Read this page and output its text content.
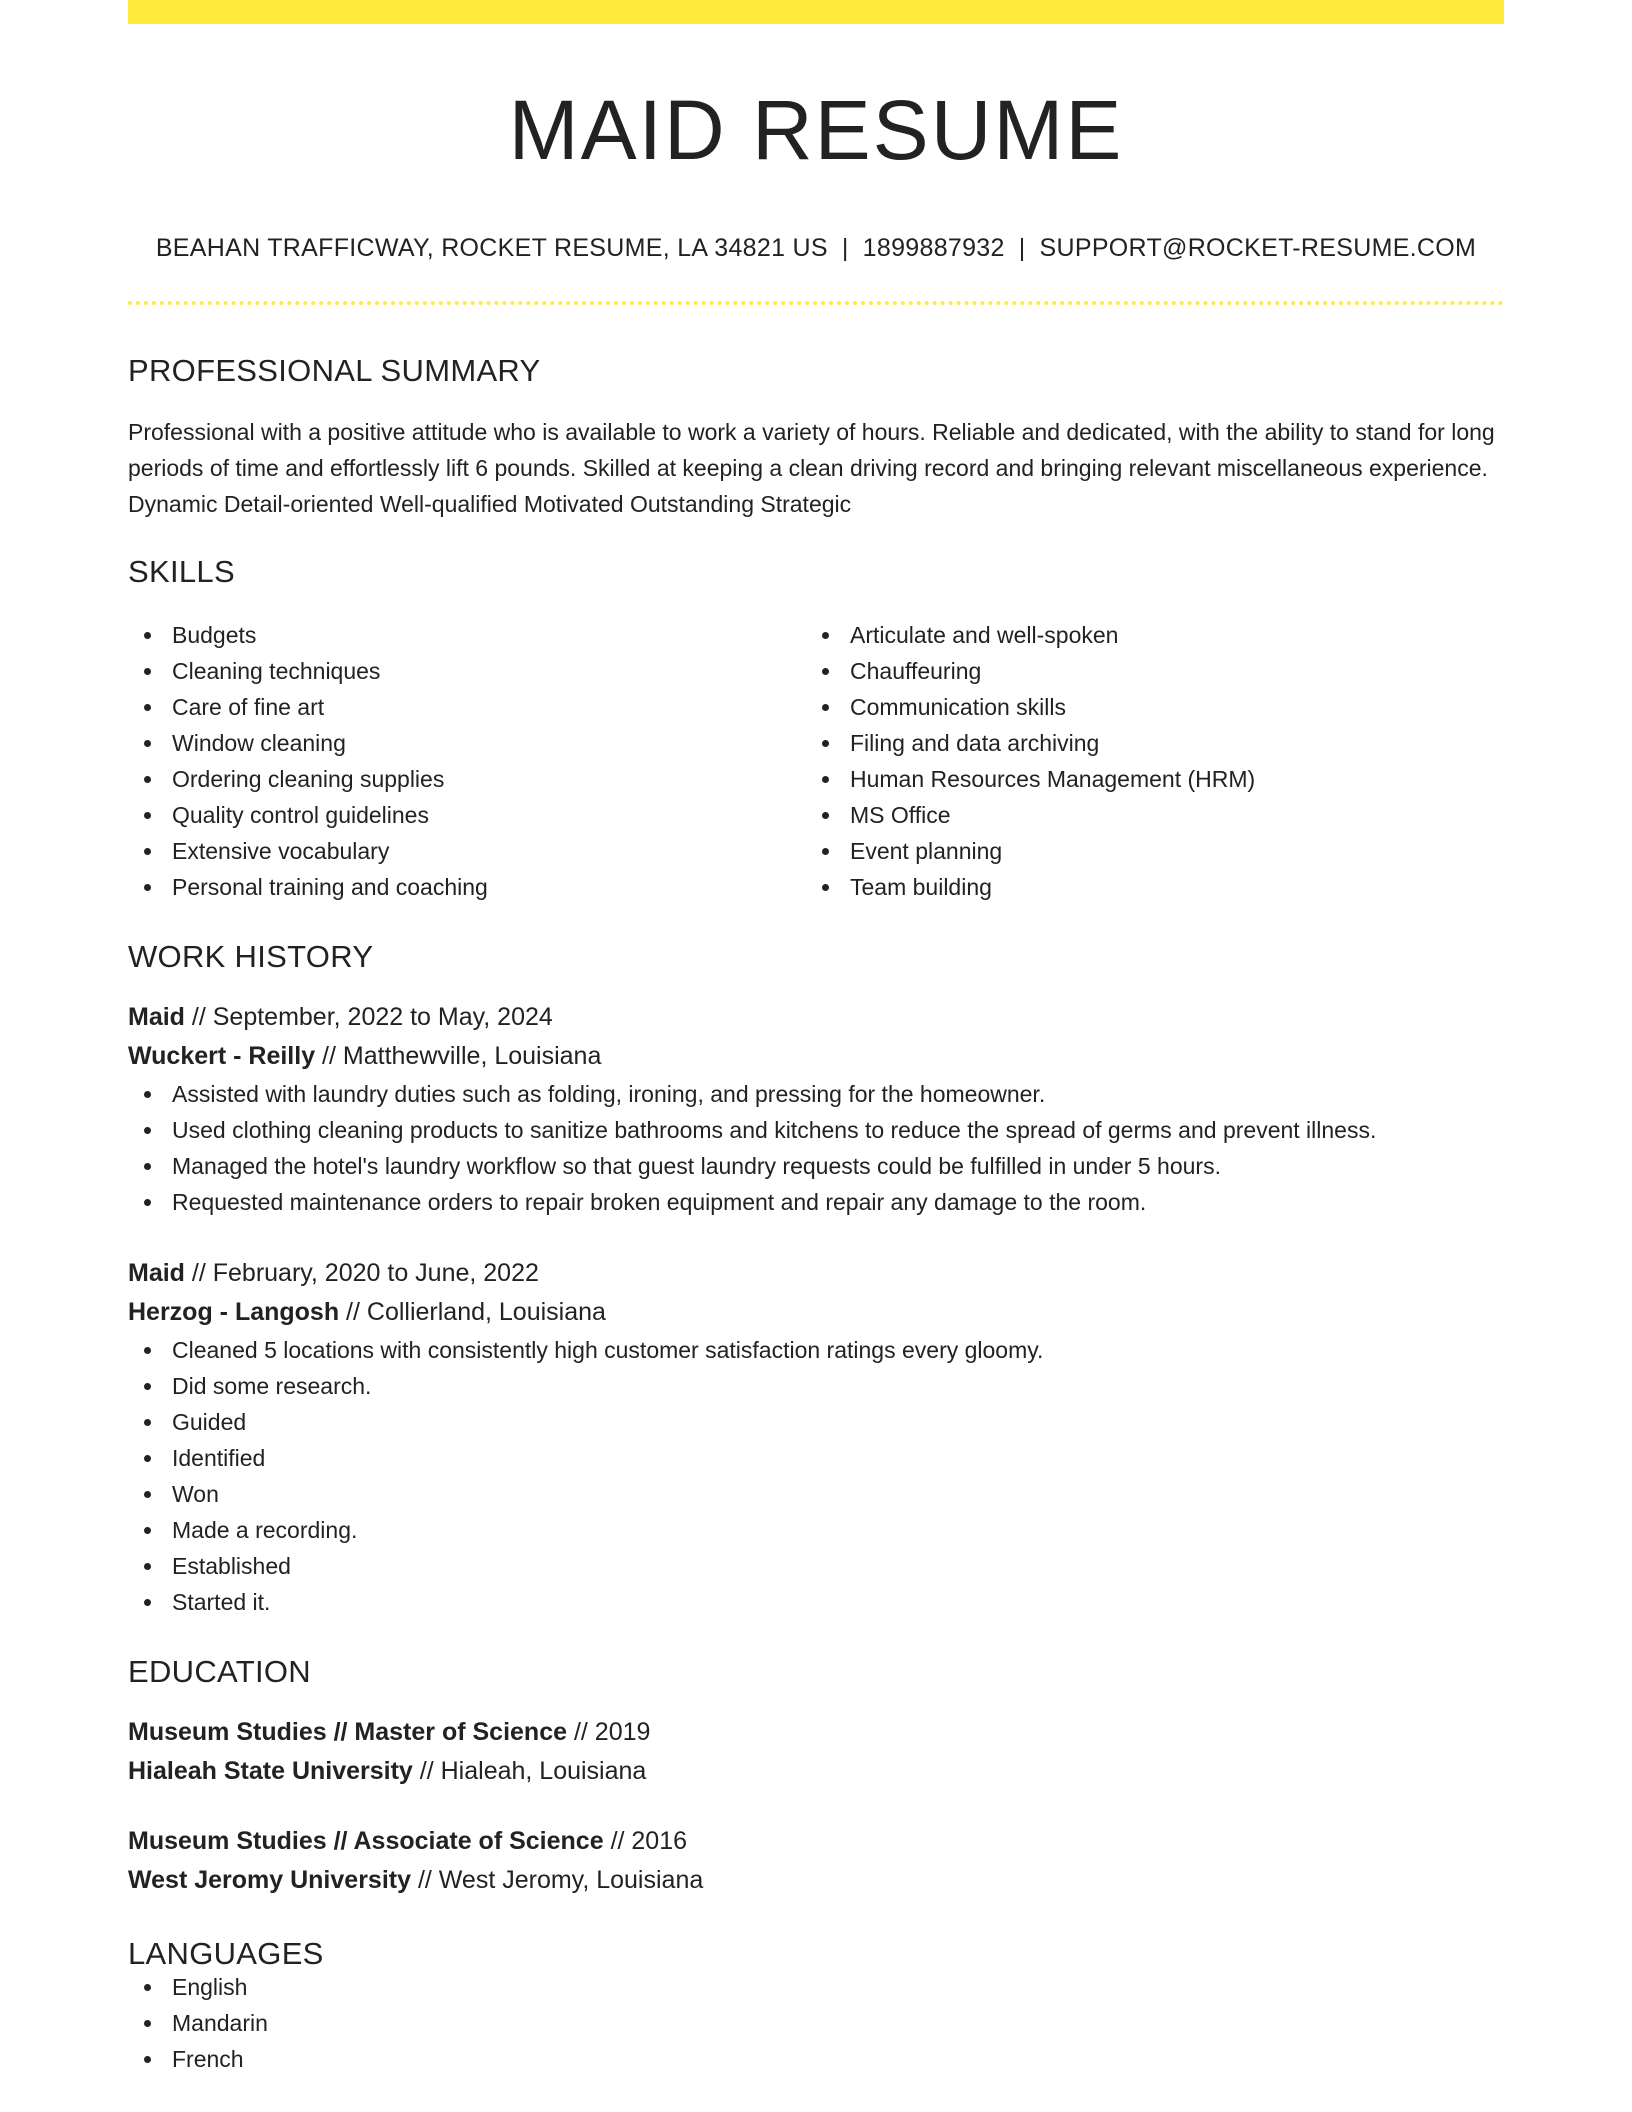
MAID RESUME
BEAHAN TRAFFICWAY, ROCKET RESUME, LA 34821 US | 1899887932 | SUPPORT@ROCKET-RESUME.COM
PROFESSIONAL SUMMARY
Professional with a positive attitude who is available to work a variety of hours. Reliable and dedicated, with the ability to stand for long periods of time and effortlessly lift 6 pounds. Skilled at keeping a clean driving record and bringing relevant miscellaneous experience. Dynamic Detail-oriented Well-qualified Motivated Outstanding Strategic
SKILLS
Budgets
Cleaning techniques
Care of fine art
Window cleaning
Ordering cleaning supplies
Quality control guidelines
Extensive vocabulary
Personal training and coaching
Articulate and well-spoken
Chauffeuring
Communication skills
Filing and data archiving
Human Resources Management (HRM)
MS Office
Event planning
Team building
WORK HISTORY
Maid // September, 2022 to May, 2024
Wuckert - Reilly // Matthewville, Louisiana
Assisted with laundry duties such as folding, ironing, and pressing for the homeowner.
Used clothing cleaning products to sanitize bathrooms and kitchens to reduce the spread of germs and prevent illness.
Managed the hotel's laundry workflow so that guest laundry requests could be fulfilled in under 5 hours.
Requested maintenance orders to repair broken equipment and repair any damage to the room.
Maid // February, 2020 to June, 2022
Herzog - Langosh // Collierland, Louisiana
Cleaned 5 locations with consistently high customer satisfaction ratings every gloomy.
Did some research.
Guided
Identified
Won
Made a recording.
Established
Started it.
EDUCATION
Museum Studies // Master of Science // 2019
Hialeah State University // Hialeah, Louisiana
Museum Studies // Associate of Science // 2016
West Jeromy University // West Jeromy, Louisiana
LANGUAGES
English
Mandarin
French
